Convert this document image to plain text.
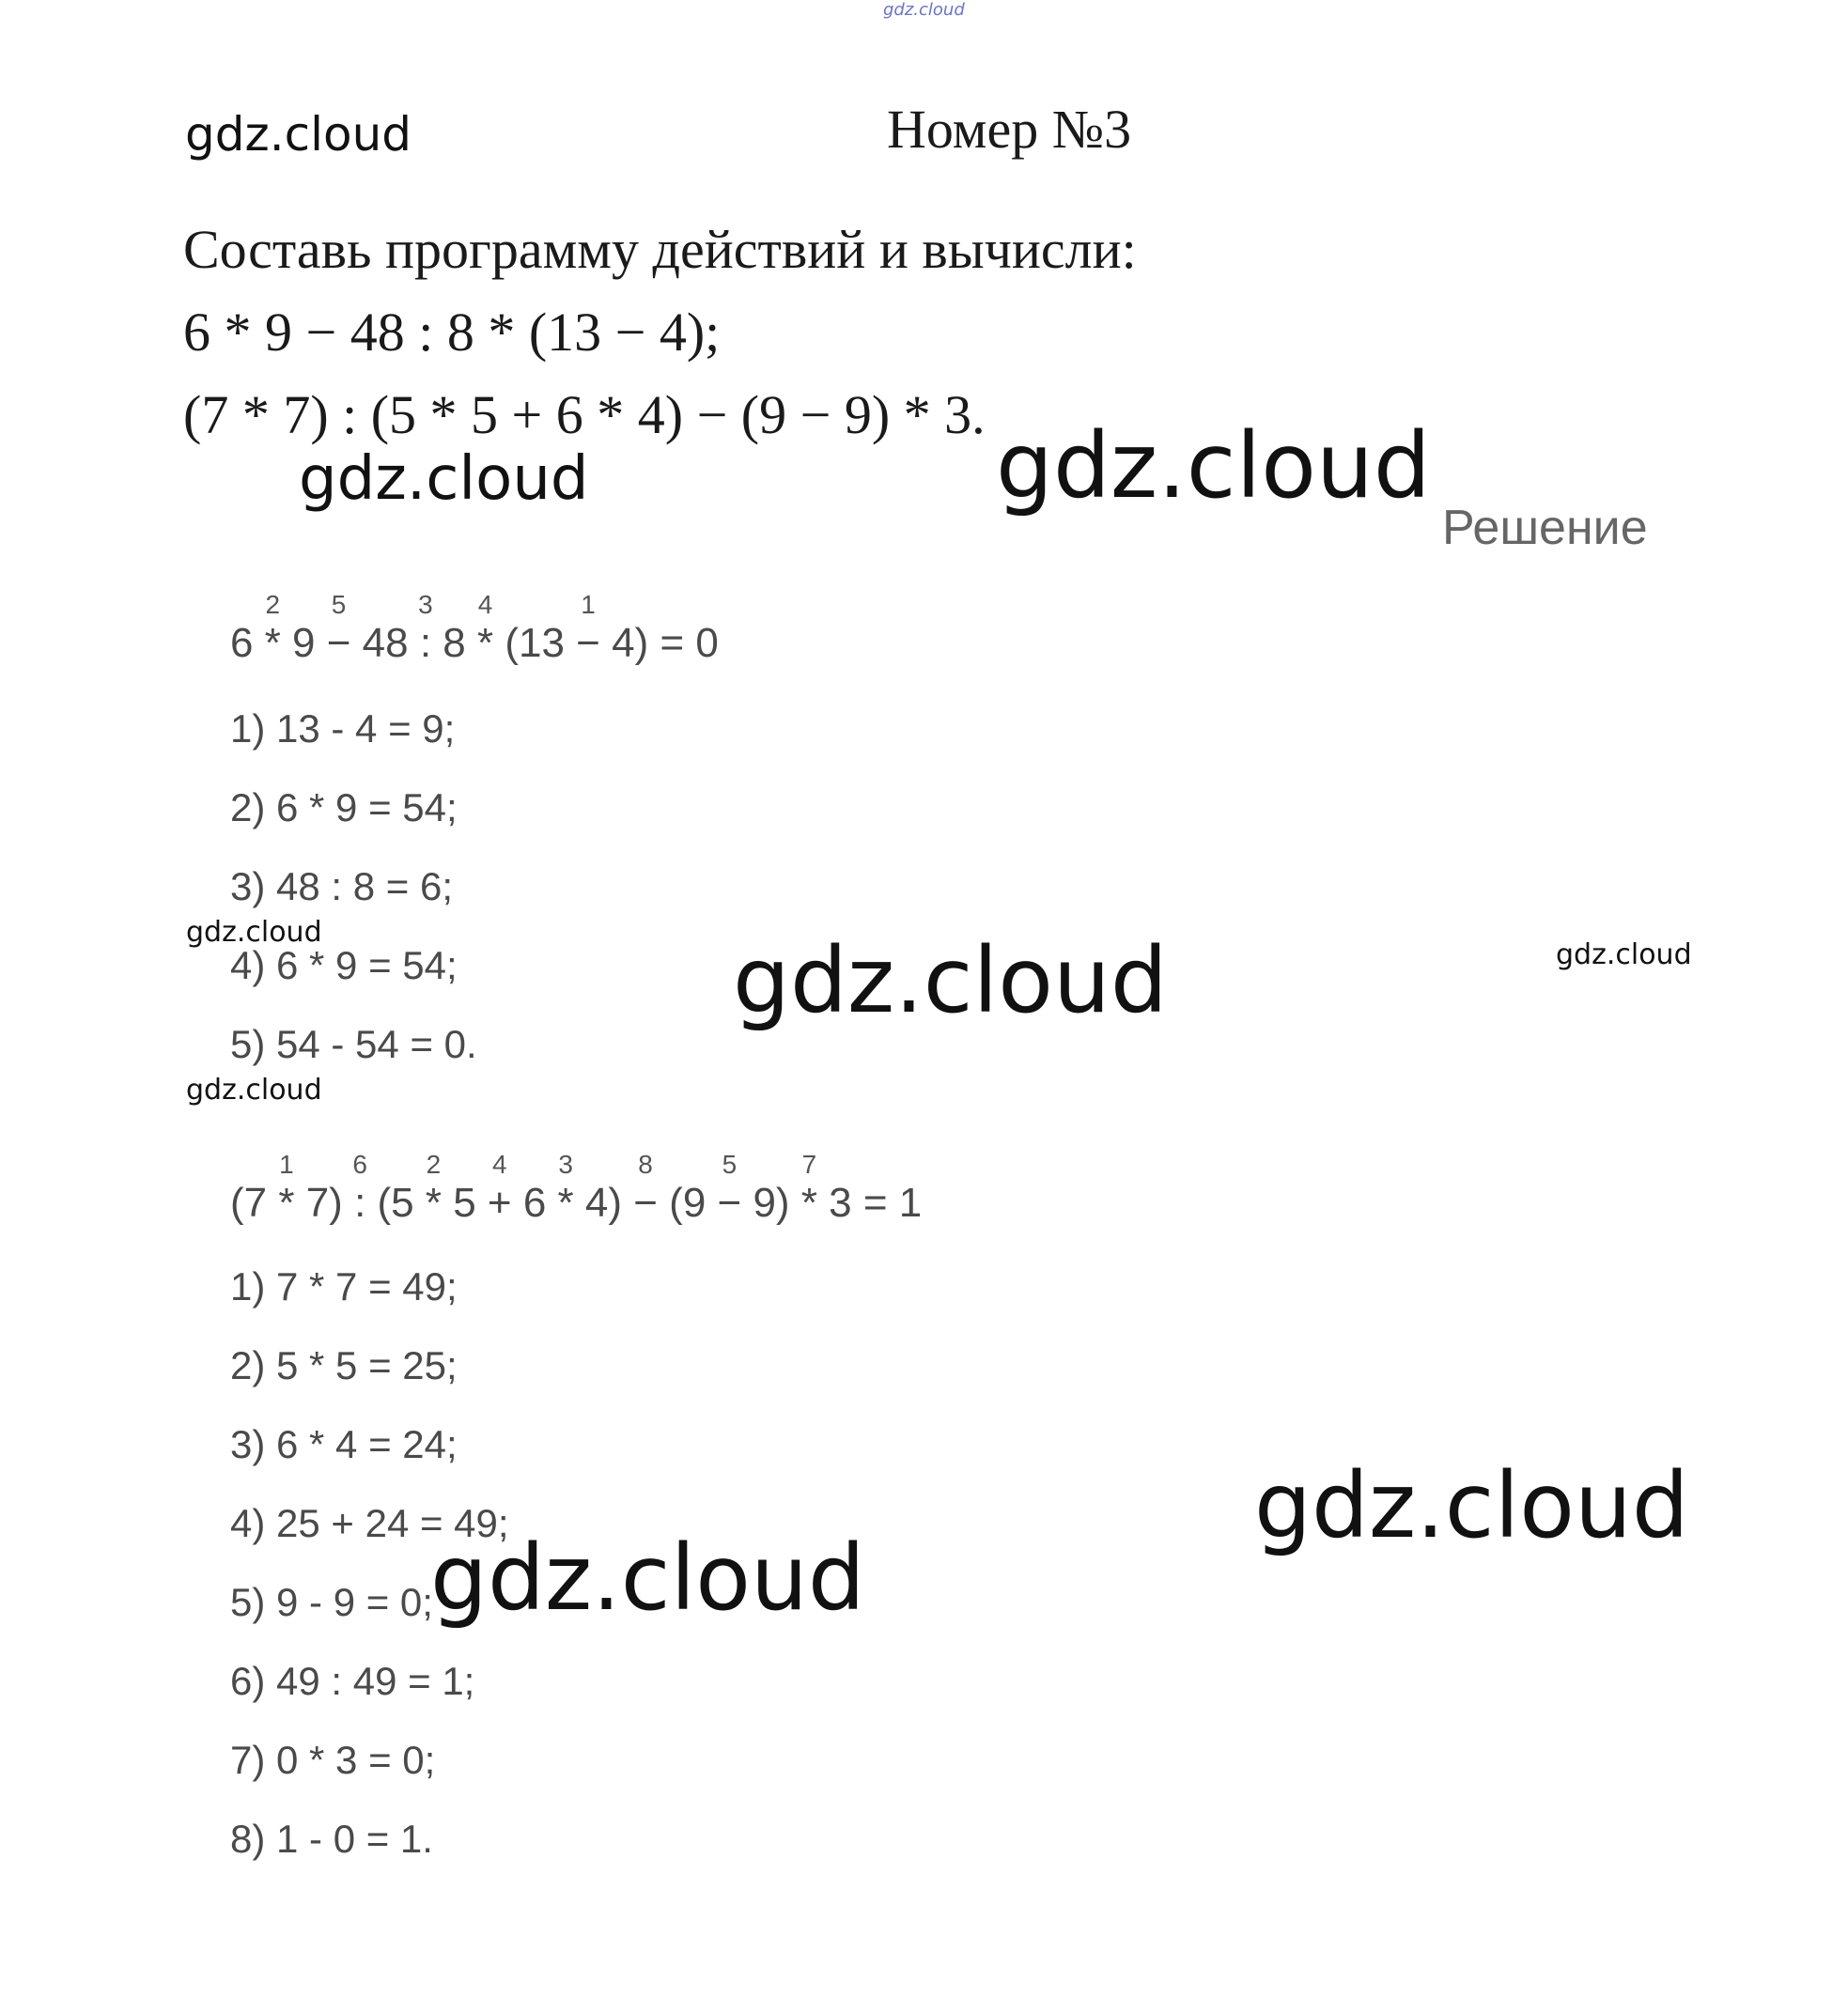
gdz.cloud
gdz.cloud
gdz.cloud	gdz.cloud
gdz.cloud
gdz.cloud
gdz.cloud
gdz.cloud
gdz.cloud
gdz.cloud
Номер №3
Составь программу действий и вычисли:
6 * 9 − 48 : 8 * (13 − 4);
(7 * 7) : (5 * 5 + 6 * 4) − (9 − 9) * 3.
Решение
6 *
2
9 −
5
48 :
3
8 *
4
(13 −
1
4) = 0
1) 13 - 4 = 9;
2) 6 * 9 = 54;
3) 48 : 8 = 6;
4) 6 * 9 = 54;
5) 54 - 54 = 0.
(7 *
1
7) :
6
(5 *
2
5 +
4
6 *
3
4) −
8
(9 −
5
9) *
7
3 = 1
1) 7 * 7 = 49;
2) 5 * 5 = 25;
3) 6 * 4 = 24;
4) 25 + 24 = 49;
5) 9 - 9 = 0;
6) 49 : 49 = 1;
7) 0 * 3 = 0;
8) 1 - 0 = 1.
